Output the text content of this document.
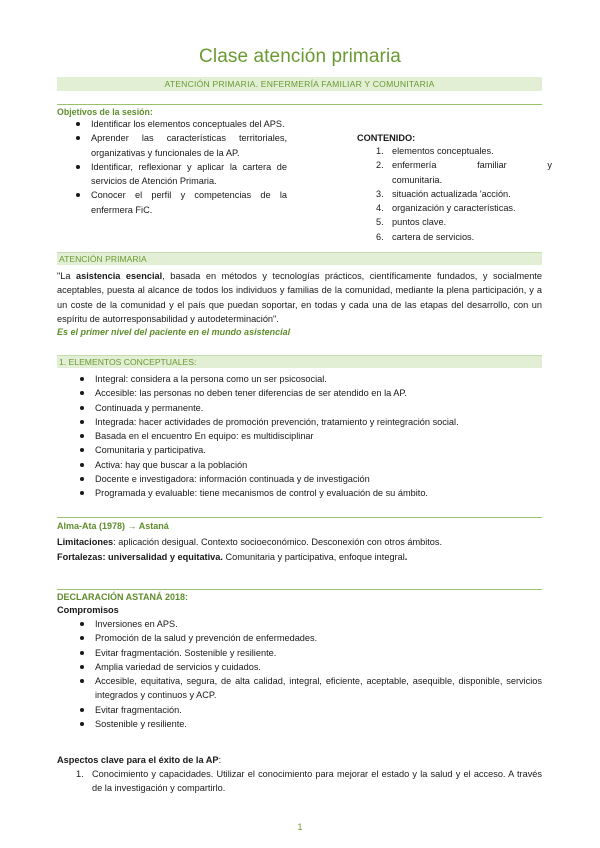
Clase atención primaria
ATENCIÓN PRIMARIA. ENFERMERÍA FAMILIAR Y COMUNITARIA
Objetivos de la sesión:
Identificar los elementos conceptuales del APS.
Aprender las características territoriales, organizativas y funcionales de la AP.
Identificar, reflexionar y aplicar la cartera de servicios de Atención Primaria.
Conocer el perfil y competencias de la enfermera FiC.
CONTENIDO:
1. elementos conceptuales.
2. enfermería familiar y comunitaria.
3. situación actualizada 'acción.
4. organización y características.
5. puntos clave.
6. cartera de servicios.
ATENCIÓN PRIMARIA
"La asistencia esencial, basada en métodos y tecnologías prácticos, científicamente fundados, y socialmente aceptables, puesta al alcance de todos los individuos y familias de la comunidad, mediante la plena participación, y a un coste de la comunidad y el país que puedan soportar, en todas y cada una de las etapas del desarrollo, con un espíritu de autorresponsabilidad y autodeterminación".
Es el primer nivel del paciente en el mundo asistencial
1. ELEMENTOS CONCEPTUALES:
Integral: considera a la persona como un ser psicosocial.
Accesible: las personas no deben tener diferencias de ser atendido en la AP.
Continuada y permanente.
Integrada: hacer actividades de promoción prevención, tratamiento y reintegración social.
Basada en el encuentro En equipo: es multidisciplinar
Comunitaria y participativa.
Activa: hay que buscar a la población
Docente e investigadora: información continuada y de investigación
Programada y evaluable: tiene mecanismos de control y evaluación de su ámbito.
Alma-Ata (1978) → Astaná
Limitaciones: aplicación desigual. Contexto socioeconómico. Desconexión con otros ámbitos.
Fortalezas: universalidad y equitativa. Comunitaria y participativa, enfoque integral.
DECLARACIÓN ASTANÁ 2018:
Compromisos
Inversiones en APS.
Promoción de la salud y prevención de enfermedades.
Evitar fragmentación. Sostenible y resiliente.
Amplia variedad de servicios y cuidados.
Accesible, equitativa, segura, de alta calidad, integral, eficiente, aceptable, asequible, disponible, servicios integrados y continuos y ACP.
Evitar fragmentación.
Sostenible y resiliente.
Aspectos clave para el éxito de la AP:
1. Conocimiento y capacidades. Utilizar el conocimiento para mejorar el estado y la salud y el acceso. A través de la investigación y compartirlo.
1
